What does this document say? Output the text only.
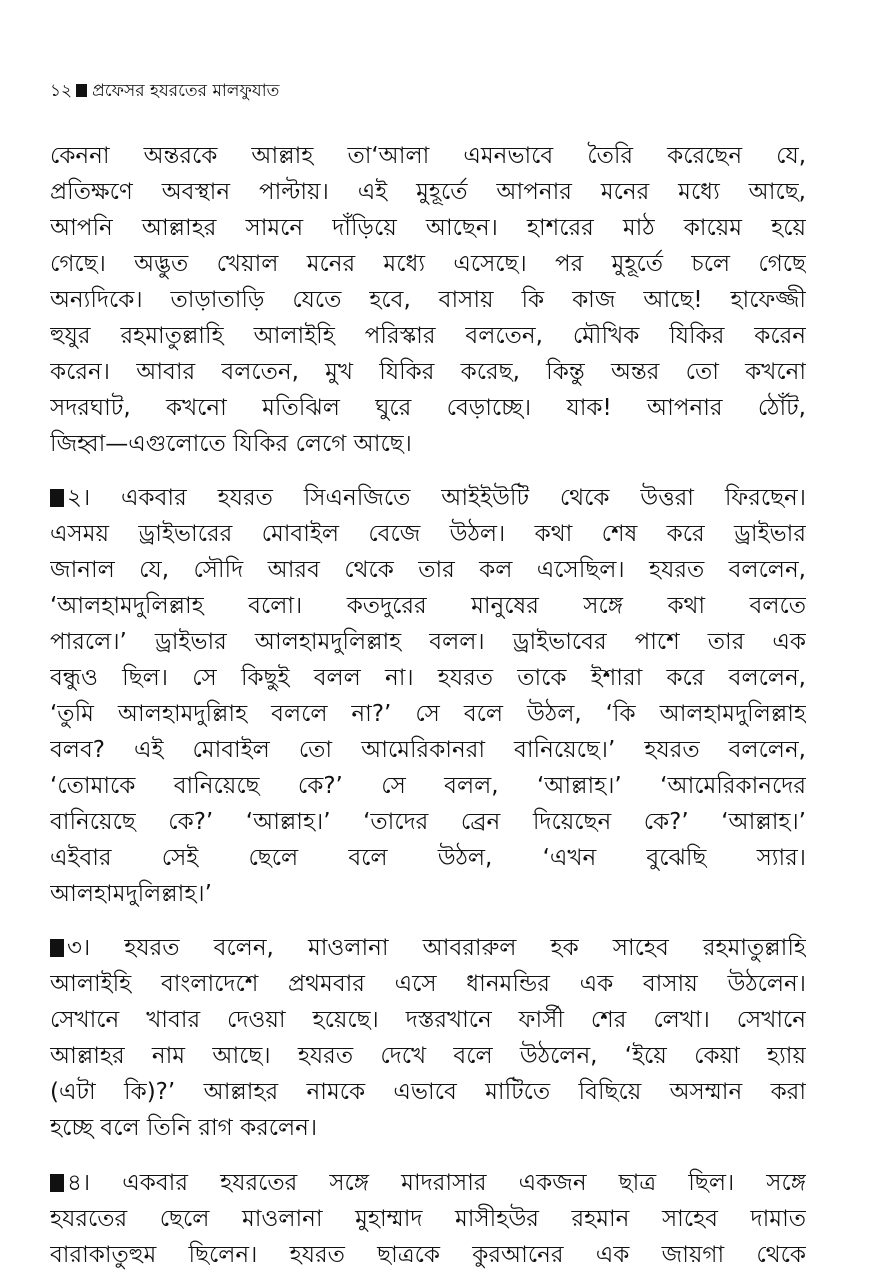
১২ প্রফেসর হযরতের মালফুযাত
কেননা অন্তরকে আল্লাহ তা‘আলা এমনভাবে তৈরি করেছেন যে,
প্রতিক্ষণে অবস্থান পাল্টায়। এই মুহূর্তে আপনার মনের মধ্যে আছে,
আপনি আল্লাহর সামনে দাঁড়িয়ে আছেন। হাশরের মাঠ কায়েম হয়ে
গেছে। অদ্ভুত খেয়াল মনের মধ্যে এসেছে। পর মুহূর্তে চলে গেছে
অন্যদিকে। তাড়াতাড়ি যেতে হবে, বাসায় কি কাজ আছে! হাফেজ্জী
হুযুর রহমাতুল্লাহি আলাইহি পরিস্কার বলতেন, মৌখিক যিকির করেন
করেন। আবার বলতেন, মুখ যিকির করেছ, কিন্তু অন্তর তো কখনো
সদরঘাট, কখনো মতিঝিল ঘুরে বেড়াচ্ছে। যাক! আপনার ঠোঁট,
জিহ্বা—এগুলোতে যিকির লেগে আছে।
২। একবার হযরত সিএনজিতে আইইউটি থেকে উত্তরা ফিরছেন।
এসময় ড্রাইভারের মোবাইল বেজে উঠল। কথা শেষ করে ড্রাইভার
জানাল যে, সৌদি আরব থেকে তার কল এসেছিল। হযরত বললেন,
‘আলহামদুলিল্লাহ বলো। কতদুরের মানুষের সঙ্গে কথা বলতে
পারলে।’ ড্রাইভার আলহামদুলিল্লাহ বলল। ড্রাইভাবের পাশে তার এক
বন্ধুও ছিল। সে কিছুই বলল না। হযরত তাকে ইশারা করে বললেন,
‘তুমি আলহামদুল্লিাহ বললে না?’ সে বলে উঠল, ‘কি আলহামদুলিল্লাহ
বলব? এই মোবাইল তো আমেরিকানরা বানিয়েছে।’ হযরত বললেন,
‘তোমাকে বানিয়েছে কে?’ সে বলল, ‘আল্লাহ।’ ‘আমেরিকানদের
বানিয়েছে কে?’ ‘আল্লাহ।’ ‘তাদের ব্রেন দিয়েছেন কে?’ ‘আল্লাহ।’
এইবার সেই ছেলে বলে উঠল, ‘এখন বুঝেছি স্যার।
আলহামদুলিল্লাহ।’
৩। হযরত বলেন, মাওলানা আবরারুল হক সাহেব রহমাতুল্লাহি
আলাইহি বাংলাদেশে প্রথমবার এসে ধানমন্ডির এক বাসায় উঠলেন।
সেখানে খাবার দেওয়া হয়েছে। দস্তরখানে ফার্সী শের লেখা। সেখানে
আল্লাহর নাম আছে। হযরত দেখে বলে উঠলেন, ‘ইয়ে কেয়া হ্যায়
(এটা কি)?’ আল্লাহর নামকে এভাবে মাটিতে বিছিয়ে অসম্মান করা
হচ্ছে বলে তিনি রাগ করলেন।
৪। একবার হযরতের সঙ্গে মাদরাসার একজন ছাত্র ছিল। সঙ্গে
হযরতের ছেলে মাওলানা মুহাম্মাদ মাসীহউর রহমান সাহেব দামাত
বারাকাতুহুম ছিলেন। হযরত ছাত্রকে কুরআনের এক জায়গা থেকে
